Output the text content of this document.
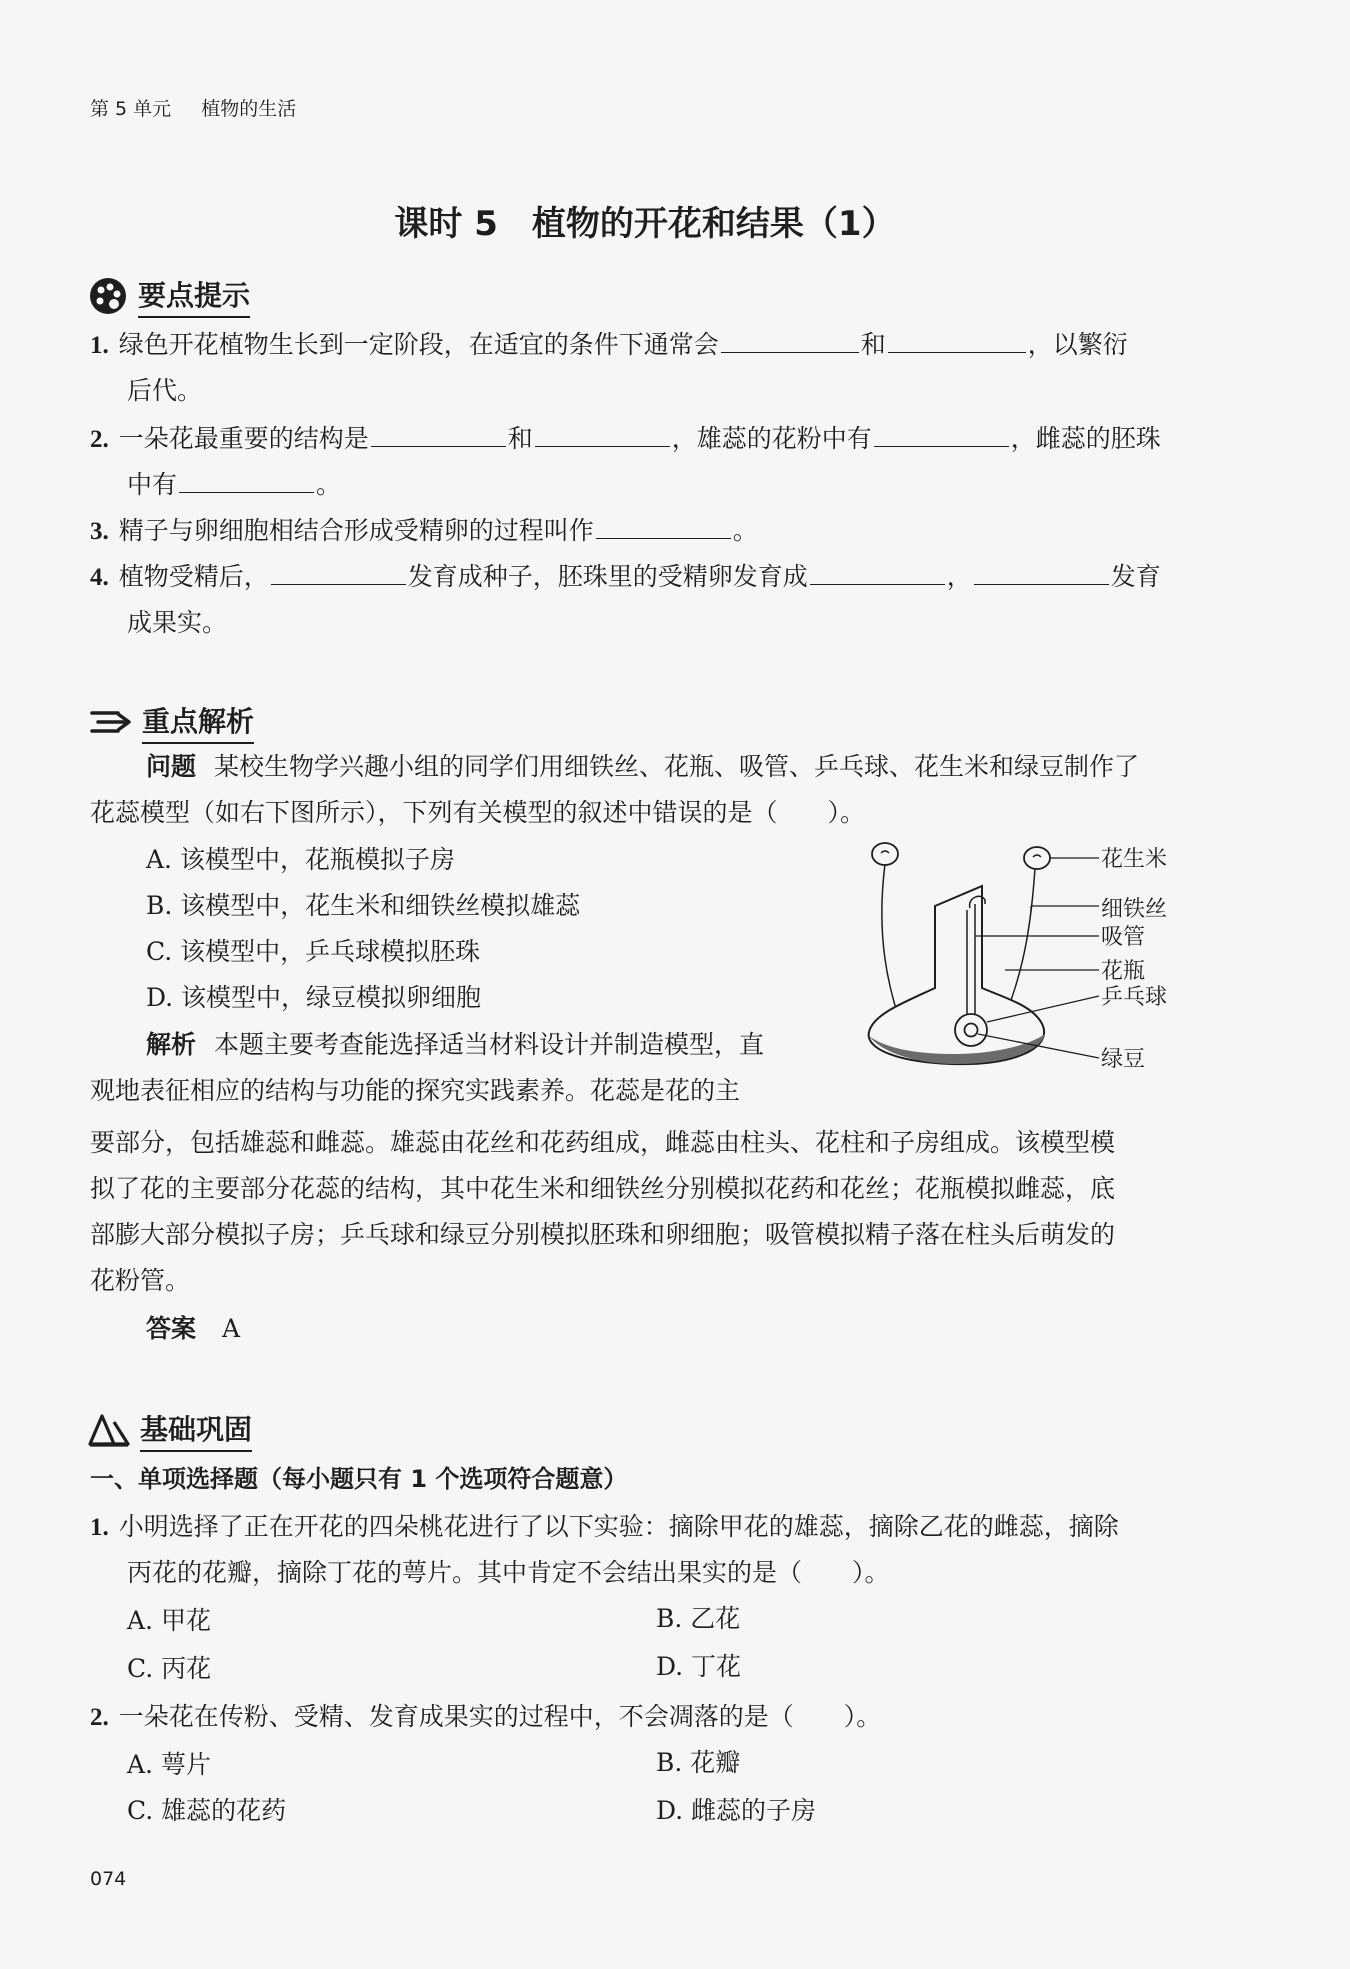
第 5 单元 植物的生活
课时 5　植物的开花和结果（1）
要点提示
1. 绿色开花植物生长到一定阶段，在适宜的条件下通常会	和	，以繁衍
后代。
2. 一朵花最重要的结构是	和	，雄蕊的花粉中有	，雌蕊的胚珠
中有	。
3. 精子与卵细胞相结合形成受精卵的过程叫作	。
4. 植物受精后，	发育成种子，胚珠里的受精卵发育成	，	发育
成果实。
重点解析
问题 某校生物学兴趣小组的同学们用细铁丝、花瓶、吸管、乒乓球、花生米和绿豆制作了
花蕊模型（如右下图所示），下列有关模型的叙述中错误的是（　　）。
A. 该模型中，花瓶模拟子房
B. 该模型中，花生米和细铁丝模拟雄蕊
C. 该模型中，乒乓球模拟胚珠
D. 该模型中，绿豆模拟卵细胞
花生米
细铁丝
吸管
花瓶
乒乓球
绿豆
解析 本题主要考查能选择适当材料设计并制造模型，直
观地表征相应的结构与功能的探究实践素养。花蕊是花的主
要部分，包括雄蕊和雌蕊。雄蕊由花丝和花药组成，雌蕊由柱头、花柱和子房组成。该模型模
拟了花的主要部分花蕊的结构，其中花生米和细铁丝分别模拟花药和花丝；花瓶模拟雌蕊，底
部膨大部分模拟子房；乒乓球和绿豆分别模拟胚珠和卵细胞；吸管模拟精子落在柱头后萌发的
花粉管。
答案 A
基础巩固
一、单项选择题（每小题只有 1 个选项符合题意）
1. 小明选择了正在开花的四朵桃花进行了以下实验：摘除甲花的雄蕊，摘除乙花的雌蕊，摘除
丙花的花瓣，摘除丁花的萼片。其中肯定不会结出果实的是（　　）。
A. 甲花	B. 乙花
C. 丙花	D. 丁花
2. 一朵花在传粉、受精、发育成果实的过程中，不会凋落的是（　　）。
A. 萼片	B. 花瓣
C. 雄蕊的花药	D. 雌蕊的子房
074
